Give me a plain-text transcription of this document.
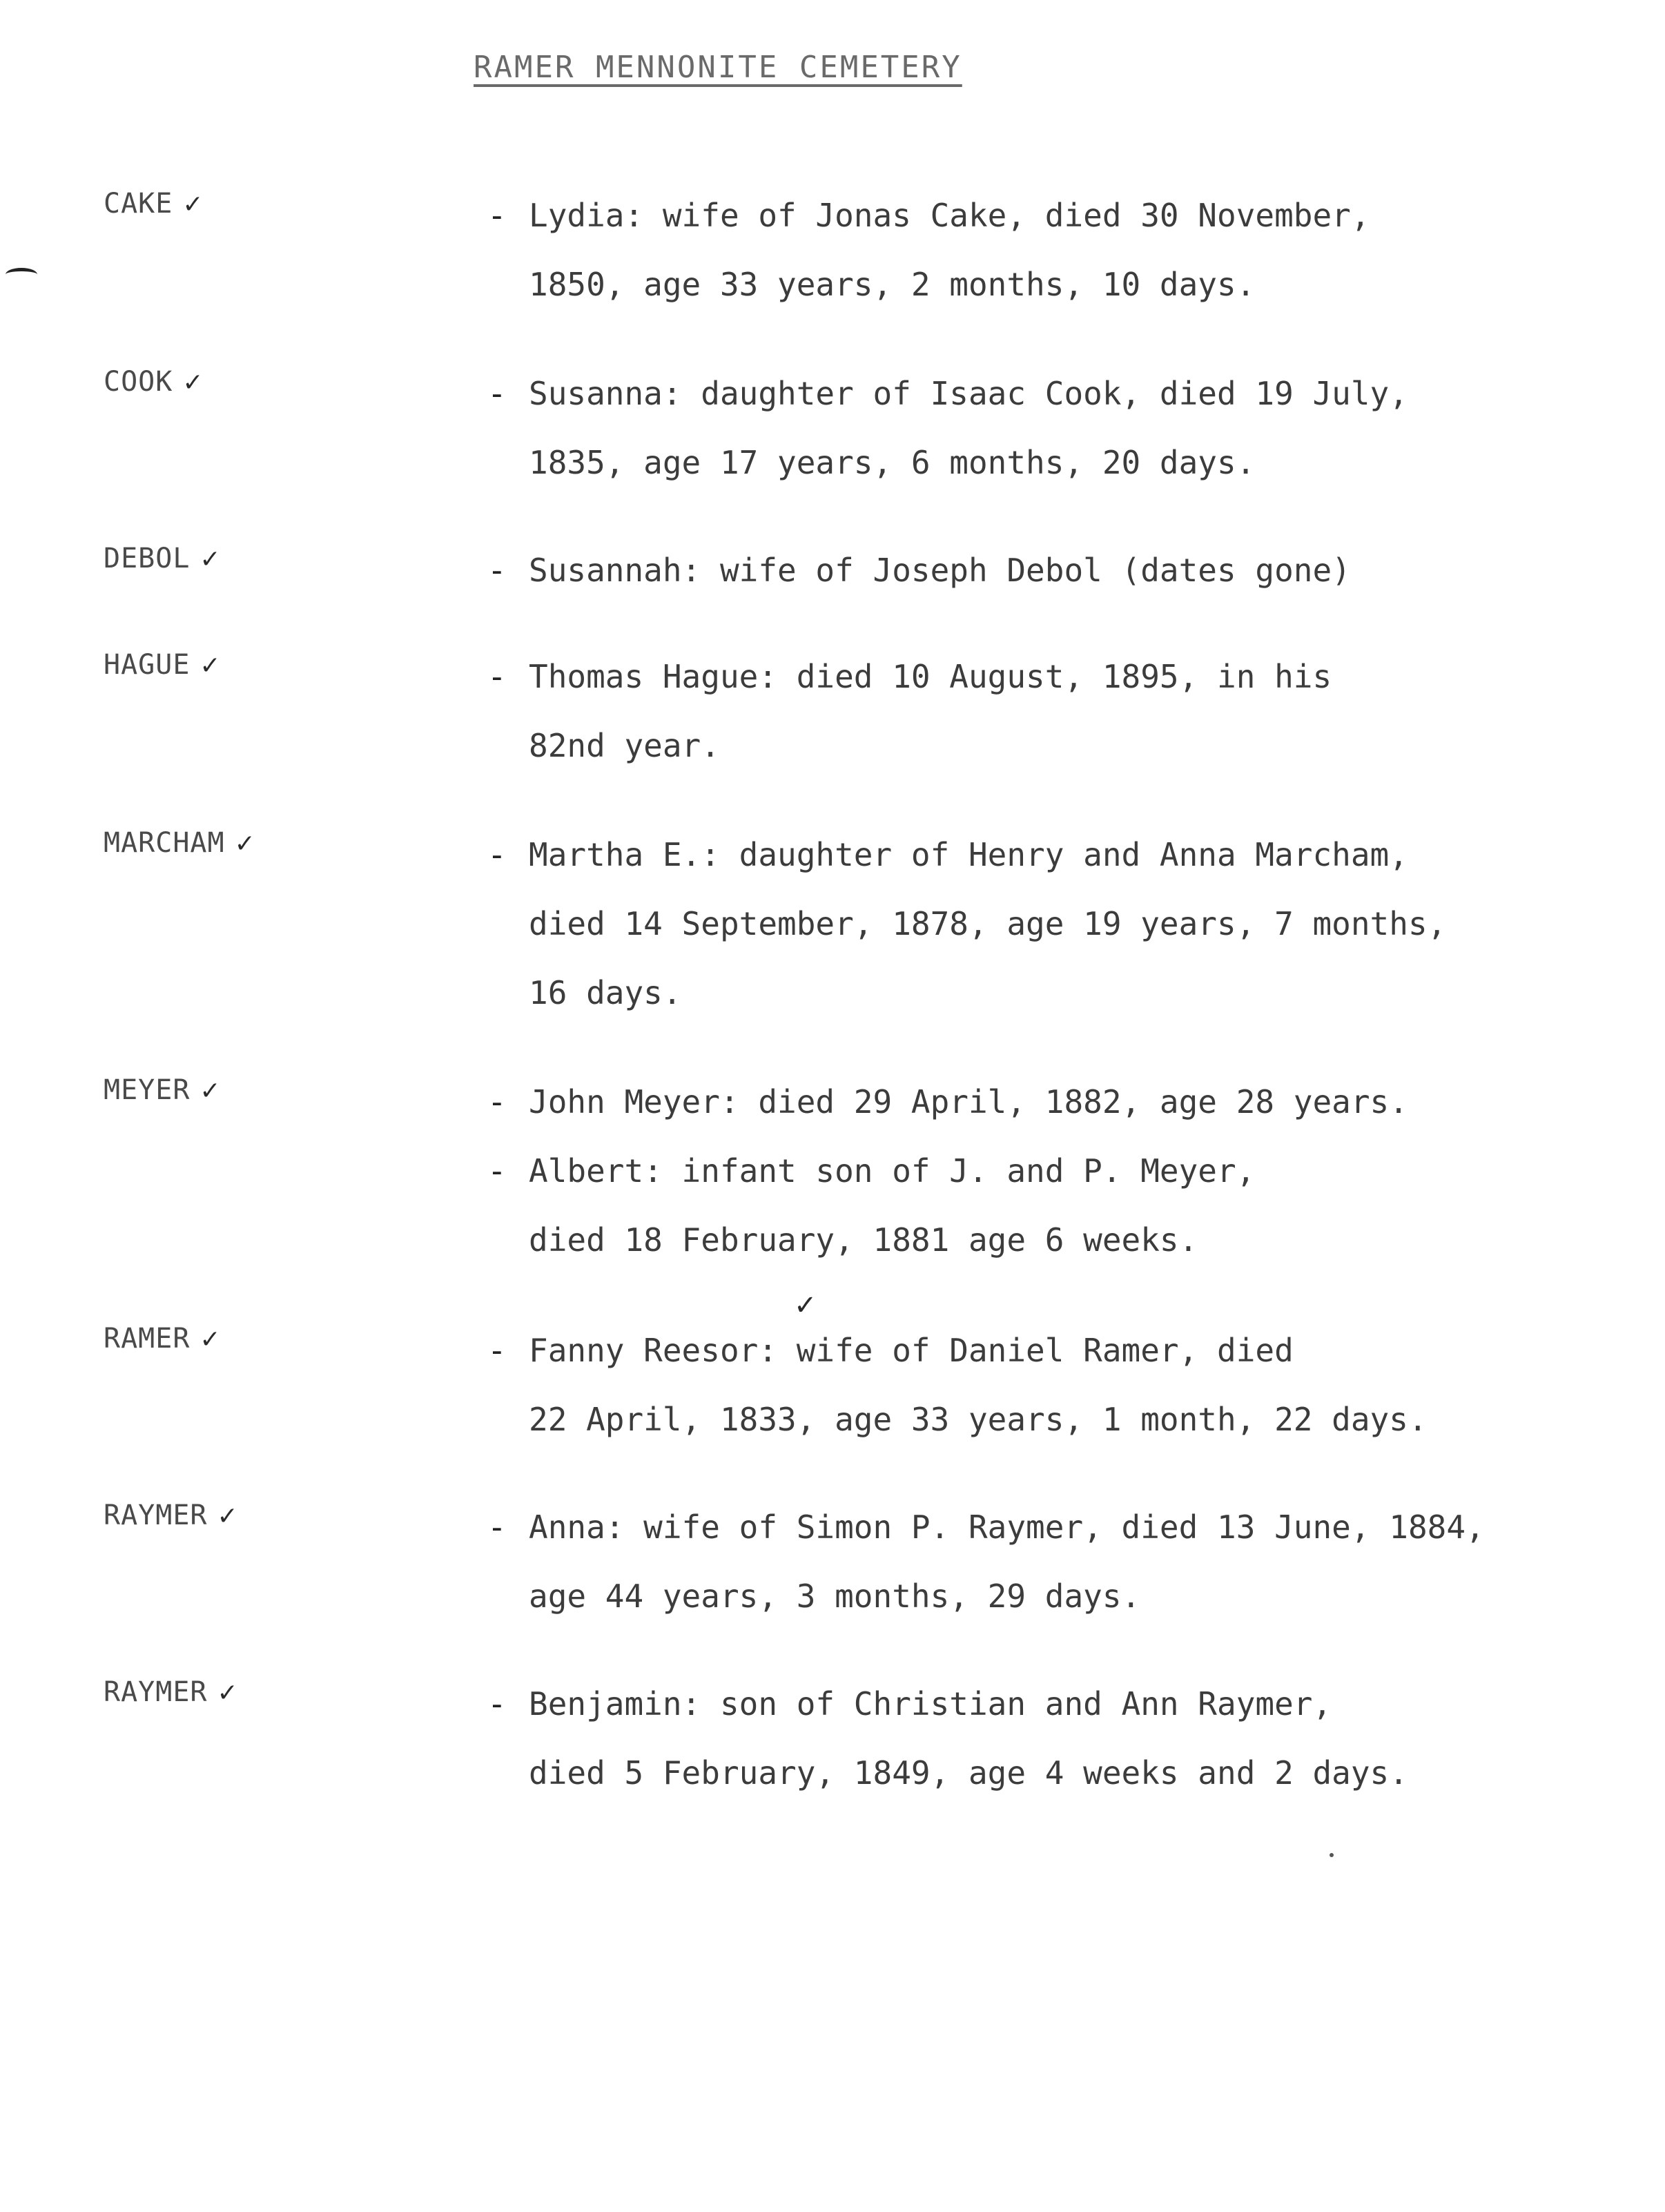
RAMER MENNONITE CEMETERY
CAKE ✓	- Lydia: wife of Jonas Cake, died 30 November,
1850, age 33 years, 2 months, 10 days.
COOK ✓	- Susanna: daughter of Isaac Cook, died 19 July,
1835, age 17 years, 6 months, 20 days.
DEBOL ✓	- Susannah: wife of Joseph Debol (dates gone)
HAGUE ✓	- Thomas Hague: died 10 August, 1895, in his
82nd year.
MARCHAM ✓	- Martha E.: daughter of Henry and Anna Marcham,
died 14 September, 1878, age 19 years, 7 months,
16 days.
MEYER ✓	- John Meyer: died 29 April, 1882, age 28 years.
- Albert: infant son of J. and P. Meyer,
died 18 February, 1881 age 6 weeks.
✓
RAMER ✓	- Fanny Reesor: wife of Daniel Ramer, died
22 April, 1833, age 33 years, 1 month, 22 days.
RAYMER ✓	- Anna: wife of Simon P. Raymer, died 13 June, 1884,
age 44 years, 3 months, 29 days.
RAYMER ✓	- Benjamin: son of Christian and Ann Raymer,
died 5 February, 1849, age 4 weeks and 2 days.
